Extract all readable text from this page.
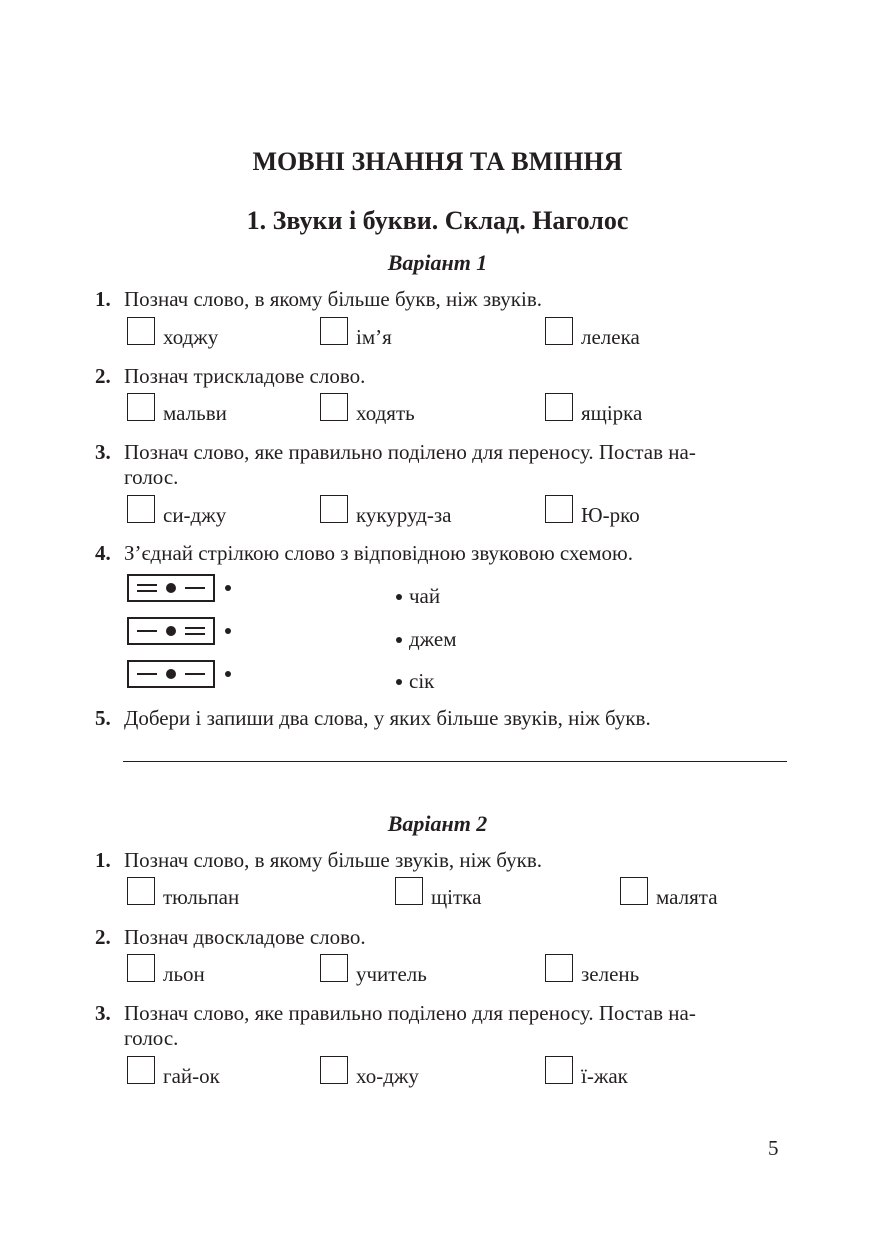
МОВНІ ЗНАННЯ ТА ВМІННЯ
1. Звуки і букви. Склад. Наголос
Варіант 1
1. Познач слово, в якому більше букв, ніж звуків.
ходжу	ім’я	лелека
2. Познач трискладове слово.
мальви	ходять	ящірка
3. Познач слово, яке правильно поділено для переносу. Постав на-
голос.
си-джу	кукуруд-за	Ю-рко
4. З’єднай стрілкою слово з відповідною звуковою схемою.
чай
джем
сік
5. Добери і запиши два слова, у яких більше звуків, ніж букв.
Варіант 2
1. Познач слово, в якому більше звуків, ніж букв.
тюльпан	щітка	малята
2. Познач двоскладове слово.
льон	учитель	зелень
3. Познач слово, яке правильно поділено для переносу. Постав на-
голос.
гай-ок	хо-джу	ї-жак
5
